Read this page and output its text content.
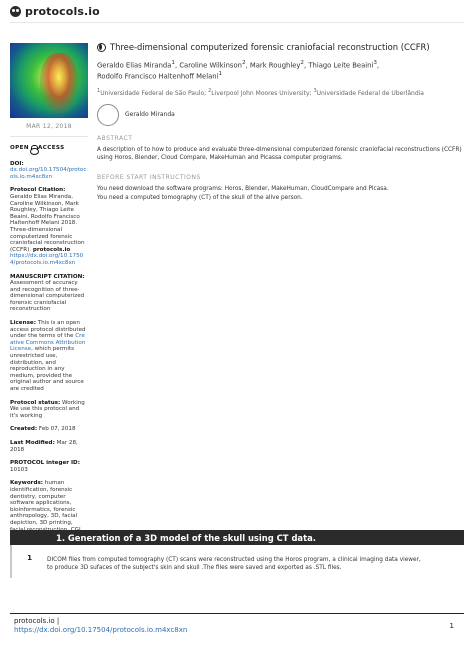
protocols.io
MAR 12, 2018
OPEN ACCESS
DOI:
dx.doi.org/10.17504/protocols.io.m4xc8xn
Protocol Citation: Geraldo Elias Miranda, Caroline Wilkinson, Mark Roughley, Thiago Leite Beaini, Rodolfo Francisco Haltenhoff Melani 2018. Three-dimensional computerized forensic craniofacial reconstruction (CCFR). protocols.io
https://dx.doi.org/10.17504/protocols.io.m4xc8xn
MANUSCRIPT CITATION:
Assessment of accuracy and recognition of three-dimensional computerized forensic craniofacial reconstruction
License: This is an open access protocol distributed under the terms of the Creative Commons Attribution License, which permits unrestricted use, distribution, and reproduction in any medium, provided the original author and source are credited
Protocol status: Working
We use this protocol and it's working
Created: Feb 07, 2018
Last Modified: Mar 28, 2018
PROTOCOL integer ID:
10103
Keywords: human identification, forensic dentistry, computer software applications, bioinformatics, forensic anthropology, 3D, facial depiction, 3D printing,
Three-dimensional computerized forensic craniofacial reconstruction (CCFR)
Geraldo Elias Miranda$^1$, Caroline Wilkinson$^2$, Mark Roughley$^2$, Thiago Leite Beaini$^3$,
Rodolfo Francisco Haltenhoff Melani$^1$
$^1$Universidade Federal de São Paulo; $^2$Liverpool John Moores University; $^3$Universidade Federal de Uberlândia
Geraldo Miranda
ABSTRACT

A description of to how to produce and evaluate three-dimensional computerized forensic craniofacial reconstructions (CCFR) using Horos, Blender, Cloud Compare, MakeHuman and Picassa computer programs.

BEFORE START INSTRUCTIONS

You need download the software programs: Horos, Blender, MakeHuman, CloudCompare and Picasa.

You need a computed tomography (CT) of the skull of the alive person.

1. Generation of a 3D model of the skull using CT data.
1	DICOM files from computed tomography (CT) scans were reconstructed using the Horos program, a clinical imaging data viewer, to produce 3D sufaces of the subject's skin and skull .The files were saved and exported as .STL files.

protocols.io |
https://dx.doi.org/10.17504/protocols.io.m4xc8xn	1
